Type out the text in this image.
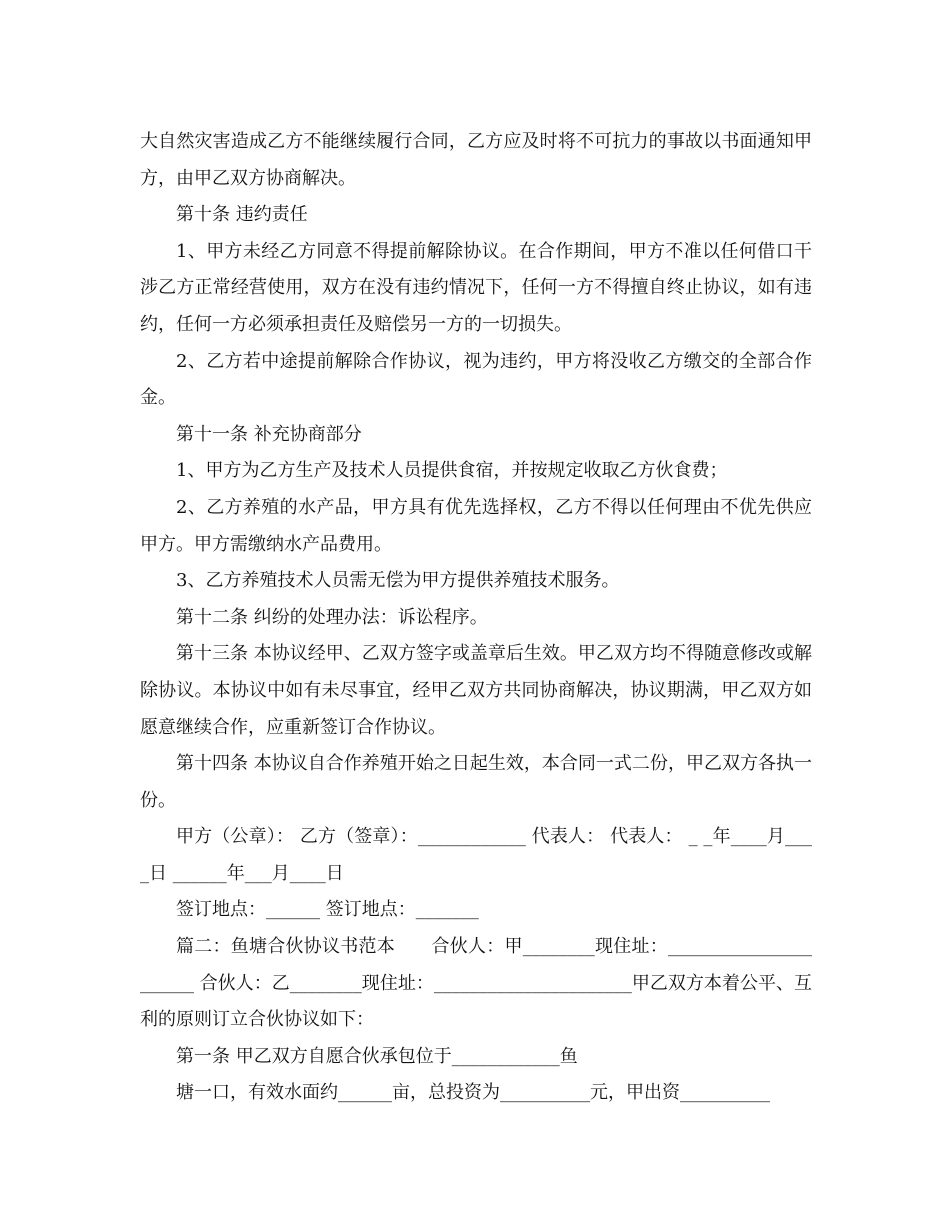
大自然灾害造成乙方不能继续履行合同，乙方应及时将不可抗力的事故以书面通知甲方，由甲乙双方协商解决。

第十条 违约责任

1、甲方未经乙方同意不得提前解除协议。在合作期间，甲方不准以任何借口干涉乙方正常经营使用，双方在没有违约情况下，任何一方不得擅自终止协议，如有违约，任何一方必须承担责任及赔偿另一方的一切损失。

2、乙方若中途提前解除合作协议，视为违约，甲方将没收乙方缴交的全部合作金。

第十一条 补充协商部分

1、甲方为乙方生产及技术人员提供食宿，并按规定收取乙方伙食费；

2、乙方养殖的水产品，甲方具有优先选择权，乙方不得以任何理由不优先供应甲方。甲方需缴纳水产品费用。

3、乙方养殖技术人员需无偿为甲方提供养殖技术服务。

第十二条 纠纷的处理办法：诉讼程序。

第十三条 本协议经甲、乙双方签字或盖章后生效。甲乙双方均不得随意修改或解除协议。本协议中如有未尽事宜，经甲乙双方共同协商解决，协议期满，甲乙双方如愿意继续合作，应重新签订合作协议。

第十四条 本协议自合作养殖开始之日起生效，本合同一式二份，甲乙双方各执一份。

甲方（公章）： 乙方（签章）：____________ 代表人： 代表人： _ _年____月____日 ______年___月____日

签订地点：______ 签订地点：_______

篇二：鱼塘合伙协议书范本　　合伙人：甲________现住址：______________________ 合伙人：乙________现住址：______________________甲乙双方本着公平、互利的原则订立合伙协议如下：

第一条 甲乙双方自愿合伙承包位于____________鱼

塘一口，有效水面约______亩，总投资为__________元，甲出资__________
